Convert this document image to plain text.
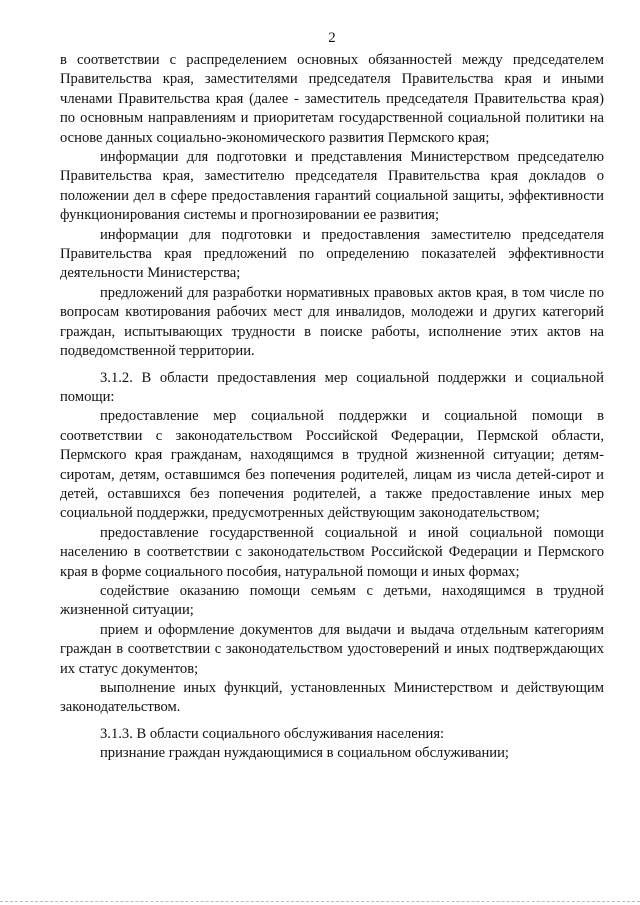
2

в соответствии с распределением основных обязанностей между председателем Правительства края, заместителями председателя Правительства края и иными членами Правительства края (далее - заместитель председателя Правительства края) по основным направлениям и приоритетам государственной социальной политики на основе данных социально-экономического развития Пермского края;

информации для подготовки и представления Министерством председателю Правительства края, заместителю председателя Правительства края докладов о положении дел в сфере предоставления гарантий социальной защиты, эффективности функционирования системы и прогнозировании ее развития;

информации для подготовки и предоставления заместителю председателя Правительства края предложений по определению показателей эффективности деятельности Министерства;

предложений для разработки нормативных правовых актов края, в том числе по вопросам квотирования рабочих мест для инвалидов, молодежи и других категорий граждан, испытывающих трудности в поиске работы, исполнение этих актов на подведомственной территории.

3.1.2. В области предоставления мер социальной поддержки и социальной помощи:

предоставление мер социальной поддержки и социальной помощи в соответствии с законодательством Российской Федерации, Пермской области, Пермского края гражданам, находящимся в трудной жизненной ситуации; детям-сиротам, детям, оставшимся без попечения родителей, лицам из числа детей-сирот и детей, оставшихся без попечения родителей, а также предоставление иных мер социальной поддержки, предусмотренных действующим законодательством;

предоставление государственной социальной и иной социальной помощи населению в соответствии с законодательством Российской Федерации и Пермского края в форме социального пособия, натуральной помощи и иных формах;

содействие оказанию помощи семьям с детьми, находящимся в трудной жизненной ситуации;

прием и оформление документов для выдачи и выдача отдельным категориям граждан в соответствии с законодательством удостоверений и иных подтверждающих их статус документов;

выполнение иных функций, установленных Министерством и действующим законодательством.

3.1.3. В области социального обслуживания населения:

признание граждан нуждающимися в социальном обслуживании;
